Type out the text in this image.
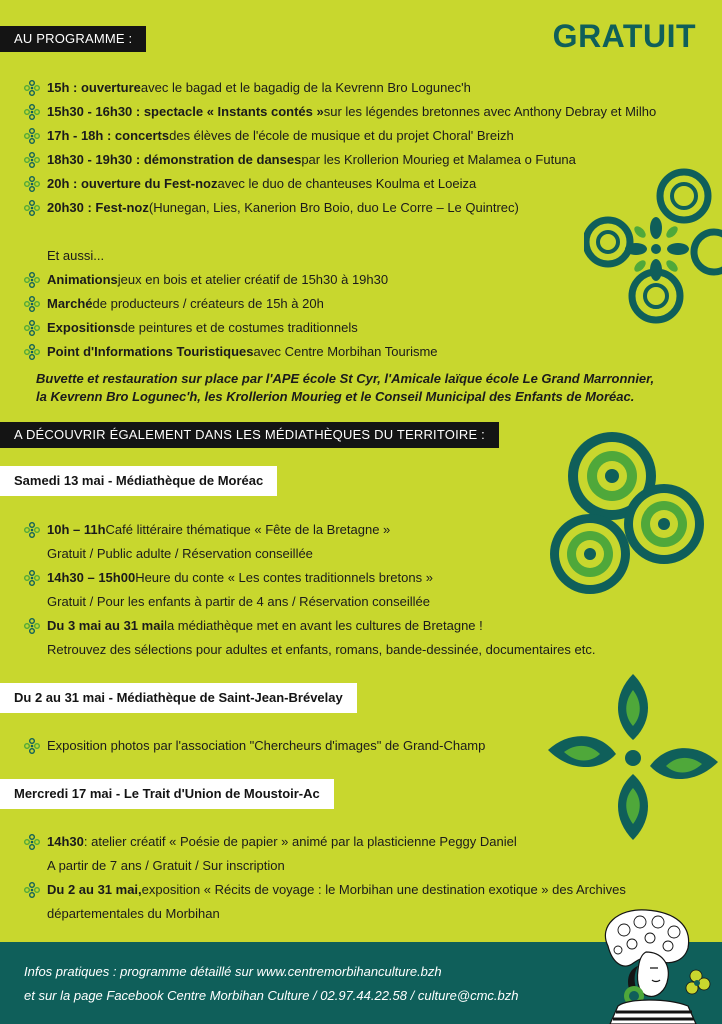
AU PROGRAMME :	GRATUIT
15h : ouverture avec le bagad et le bagadig de la Kevrenn Bro Logunec'h
15h30 - 16h30 : spectacle « Instants contés » sur les légendes bretonnes avec Anthony Debray et Milho
17h - 18h : concerts des élèves de l'école de musique et du projet Choral' Breizh
18h30 - 19h30 : démonstration de danses par les Krollerion Mourieg et Malamea o Futuna
20h : ouverture du Fest-noz avec le duo de chanteuses Koulma et Loeiza
20h30 : Fest-noz (Hunegan, Lies, Kanerion Bro Boio, duo Le Corre – Le Quintrec)
Et aussi...
Animations jeux en bois et atelier créatif de 15h30 à 19h30
Marché de producteurs / créateurs de 15h à 20h
Expositions de peintures et de costumes traditionnels
Point d'Informations Touristiques avec Centre Morbihan Tourisme
Buvette et restauration sur place par l'APE école St Cyr, l'Amicale laïque école Le Grand Marronnier,
la Kevrenn Bro Logunec'h, les Krollerion Mourieg et le Conseil Municipal des Enfants de Moréac.
A DÉCOUVRIR ÉGALEMENT DANS LES MÉDIATHÈQUES DU TERRITOIRE :
Samedi 13 mai - Médiathèque de Moréac
10h – 11h Café littéraire thématique « Fête de la Bretagne »
Gratuit / Public adulte / Réservation conseillée
14h30 – 15h00 Heure du conte « Les contes traditionnels bretons »
Gratuit / Pour les enfants à partir de 4 ans / Réservation conseillée
Du 3 mai au 31 mai la médiathèque met en avant les cultures de Bretagne !
Retrouvez des sélections pour adultes et enfants, romans, bande-dessinée, documentaires etc.
Du 2 au 31 mai - Médiathèque de Saint-Jean-Brévelay
Exposition photos par l'association "Chercheurs d'images" de Grand-Champ
Mercredi 17 mai - Le Trait d'Union de Moustoir-Ac
14h30 : atelier créatif « Poésie de papier » animé par la plasticienne Peggy Daniel
A partir de 7 ans / Gratuit / Sur inscription
Du 2 au 31 mai, exposition « Récits de voyage : le Morbihan une destination exotique » des Archives
départementales du Morbihan
Infos pratiques : programme détaillé sur www.centremorbihanculture.bzh
et sur la page Facebook Centre Morbihan Culture / 02.97.44.22.58 / culture@cmc.bzh
